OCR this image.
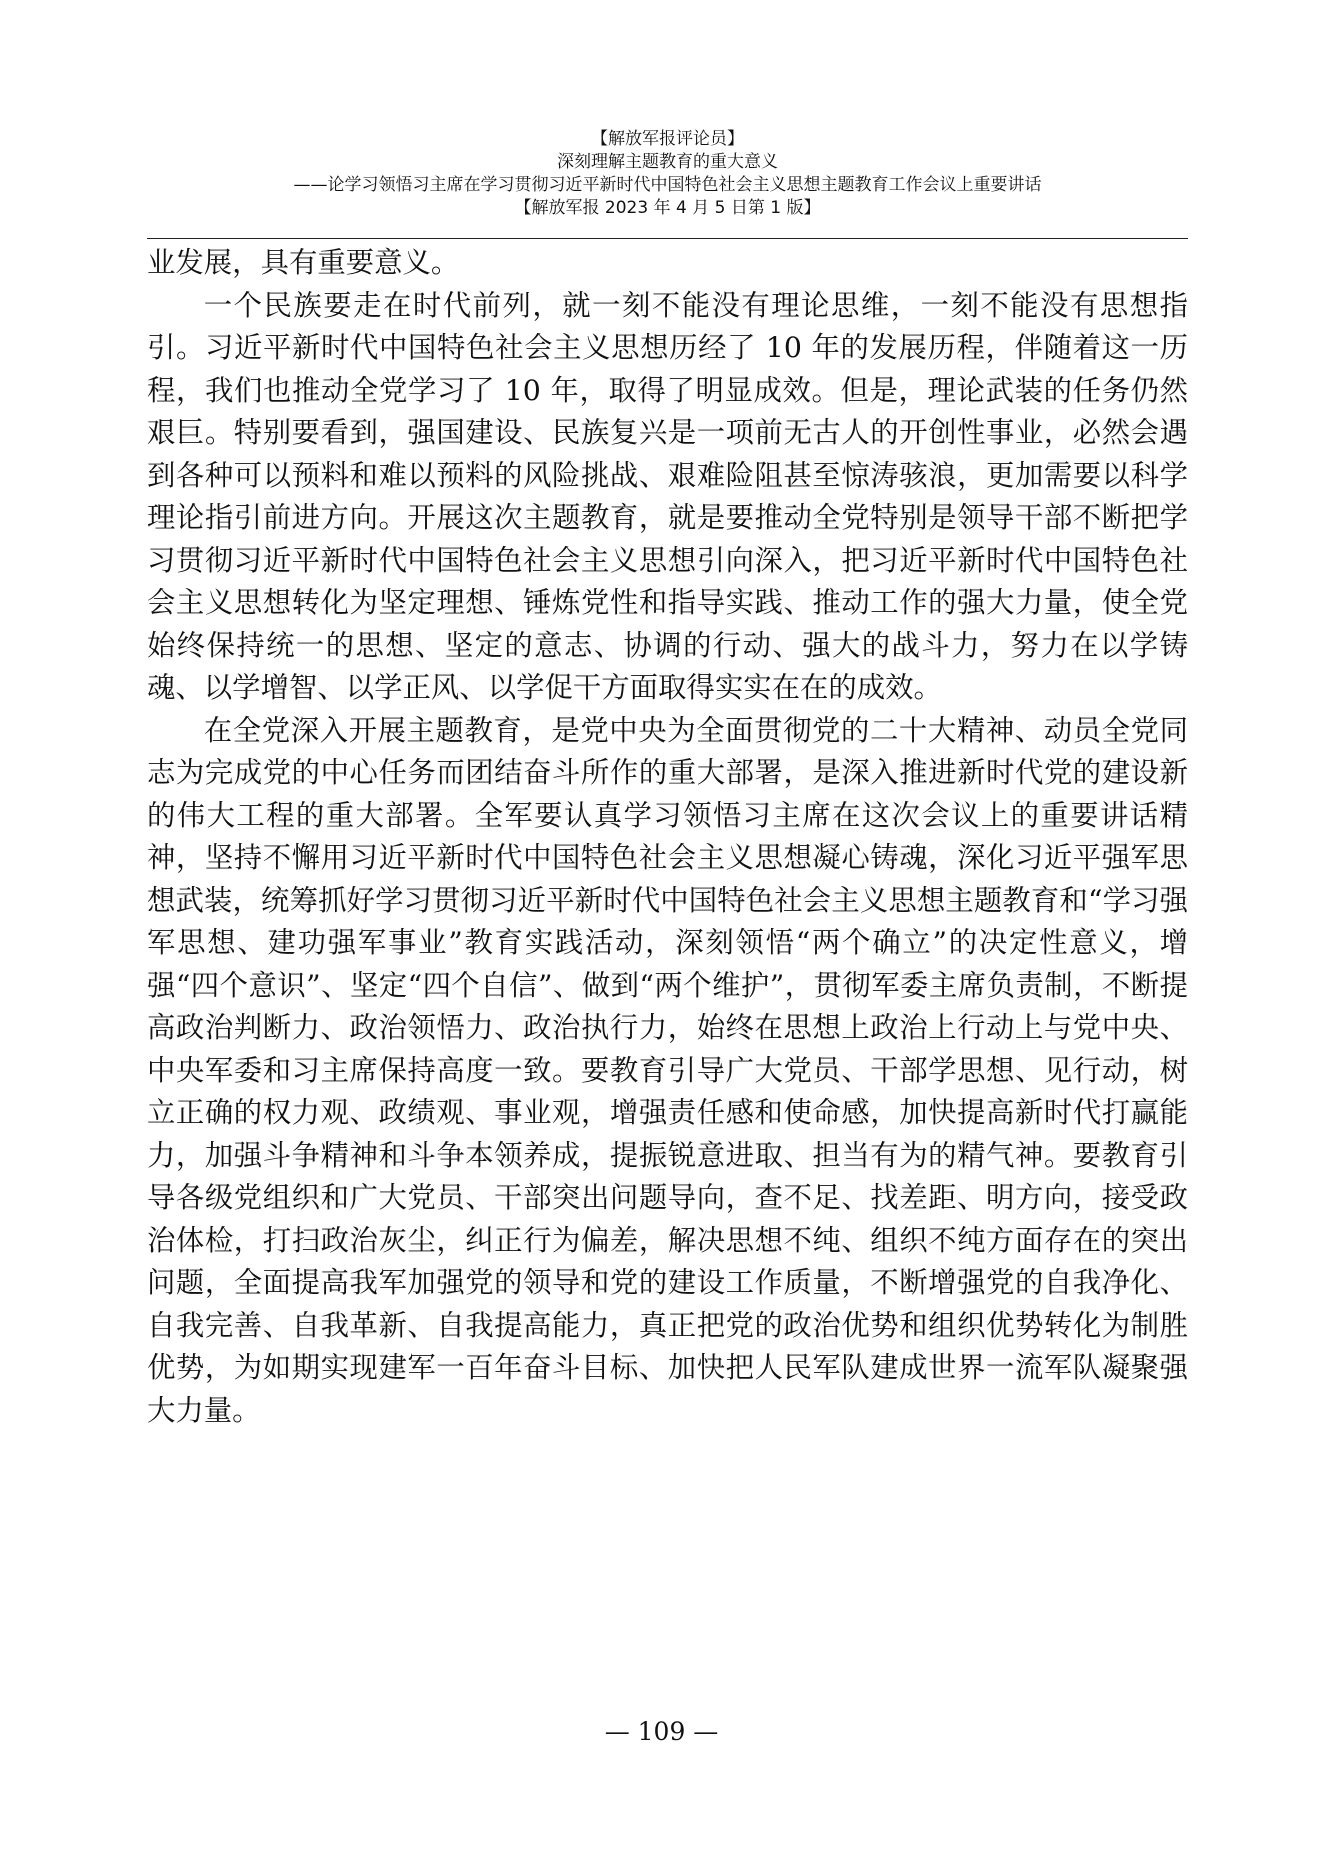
【解放军报评论员】
深刻理解主题教育的重大意义
——论学习领悟习主席在学习贯彻习近平新时代中国特色社会主义思想主题教育工作会议上重要讲话
【解放军报 2023 年 4 月 5 日第 1 版】

业发展，具有重要意义。

一个民族要走在时代前列，就一刻不能没有理论思维，一刻不能没有思想指引。习近平新时代中国特色社会主义思想历经了 10 年的发展历程，伴随着这一历程，我们也推动全党学习了 10 年，取得了明显成效。但是，理论武装的任务仍然艰巨。特别要看到，强国建设、民族复兴是一项前无古人的开创性事业，必然会遇到各种可以预料和难以预料的风险挑战、艰难险阻甚至惊涛骇浪，更加需要以科学理论指引前进方向。开展这次主题教育，就是要推动全党特别是领导干部不断把学习贯彻习近平新时代中国特色社会主义思想引向深入，把习近平新时代中国特色社会主义思想转化为坚定理想、锤炼党性和指导实践、推动工作的强大力量，使全党始终保持统一的思想、坚定的意志、协调的行动、强大的战斗力，努力在以学铸魂、以学增智、以学正风、以学促干方面取得实实在在的成效。

在全党深入开展主题教育，是党中央为全面贯彻党的二十大精神、动员全党同志为完成党的中心任务而团结奋斗所作的重大部署，是深入推进新时代党的建设新的伟大工程的重大部署。全军要认真学习领悟习主席在这次会议上的重要讲话精神，坚持不懈用习近平新时代中国特色社会主义思想凝心铸魂，深化习近平强军思想武装，统筹抓好学习贯彻习近平新时代中国特色社会主义思想主题教育和“学习强军思想、建功强军事业”教育实践活动，深刻领悟“两个确立”的决定性意义，增强“四个意识”、坚定“四个自信”、做到“两个维护”，贯彻军委主席负责制，不断提高政治判断力、政治领悟力、政治执行力，始终在思想上政治上行动上与党中央、中央军委和习主席保持高度一致。要教育引导广大党员、干部学思想、见行动，树立正确的权力观、政绩观、事业观，增强责任感和使命感，加快提高新时代打赢能力，加强斗争精神和斗争本领养成，提振锐意进取、担当有为的精气神。要教育引导各级党组织和广大党员、干部突出问题导向，查不足、找差距、明方向，接受政治体检，打扫政治灰尘，纠正行为偏差，解决思想不纯、组织不纯方面存在的突出问题，全面提高我军加强党的领导和党的建设工作质量，不断增强党的自我净化、自我完善、自我革新、自我提高能力，真正把党的政治优势和组织优势转化为制胜优势，为如期实现建军一百年奋斗目标、加快把人民军队建成世界一流军队凝聚强大力量。

— 109 —
